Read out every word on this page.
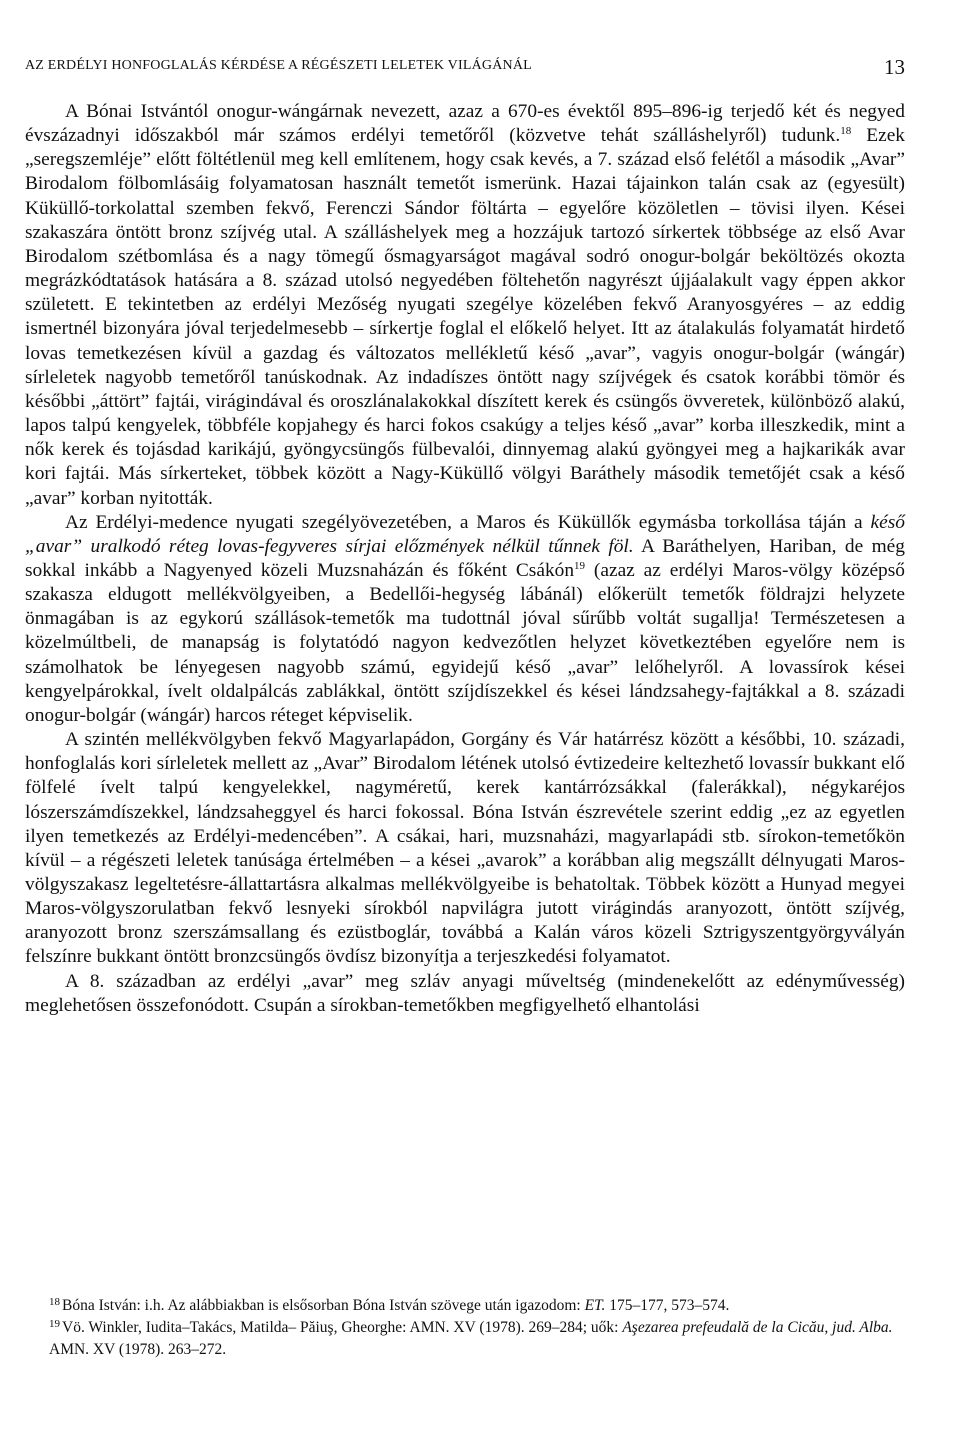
AZ ERDÉLYI HONFOGLALÁS KÉRDÉSE A RÉGÉSZETI LELETEK VILÁGÁNÁL	13

A Bónai Istvántól onogur-wángárnak nevezett, azaz a 670-es évektől 895–896-ig terjedő két és negyed évszázadnyi időszakból már számos erdélyi temetőről (közvetve tehát szálláshelyről) tudunk.$^{18}$ Ezek „seregszemléje” előtt föltétlenül meg kell említenem, hogy csak kevés, a 7. század első felétől a második „Avar” Birodalom fölbomlásáig folyamatosan használt temetőt ismerünk. Hazai tájainkon talán csak az (egyesült) Küküllő-torkolattal szemben fekvő, Ferenczi Sándor föltárta – egyelőre közöletlen – tövisi ilyen. Kései szakaszára öntött bronz szíjvég utal. A szálláshelyek meg a hozzájuk tartozó sírkertek többsége az első Avar Birodalom szétbomlása és a nagy tömegű ősmagyarságot magával sodró onogur-bolgár beköltözés okozta megrázkódtatások hatására a 8. század utolsó negyedében föltehetőn nagyrészt újjáalakult vagy éppen akkor született. E tekintetben az erdélyi Mezőség nyugati szegélye közelében fekvő Aranyosgyéres – az eddig ismertnél bizonyára jóval terjedelmesebb – sírkertje foglal el előkelő helyet. Itt az átalakulás folyamatát hirdető lovas temetkezésen kívül a gazdag és változatos mellékletű késő „avar”, vagyis onogur-bolgár (wángár) sírleletek nagyobb temetőről tanúskodnak. Az indadíszes öntött nagy szíjvégek és csatok korábbi tömör és későbbi „áttört” fajtái, virágindával és oroszlánalakokkal díszített kerek és csüngős övveretek, különböző alakú, lapos talpú kengyelek, többféle kopjahegy és harci fokos csakúgy a teljes késő „avar” korba illeszkedik, mint a nők kerek és tojásdad karikájú, gyöngycsüngős fülbevalói, dinnyemag alakú gyöngyei meg a hajkarikák avar kori fajtái. Más sírkerteket, többek között a Nagy-Küküllő völgyi Baráthely második temetőjét csak a késő „avar” korban nyitották.

Az Erdélyi-medence nyugati szegélyövezetében, a Maros és Küküllők egymásba torkollása táján a késő „avar” uralkodó réteg lovas-fegyveres sírjai előzmények nélkül tűnnek föl. A Baráthelyen, Hariban, de még sokkal inkább a Nagyenyed közeli Muzsnaházán és főként Csákón$^{19}$ (azaz az erdélyi Maros-völgy középső szakasza eldugott mellékvölgyeiben, a Bedellői-hegység lábánál) előkerült temetők földrajzi helyzete önmagában is az egykorú szállások-temetők ma tudottnál jóval sűrűbb voltát sugallja! Természetesen a közelmúltbeli, de manapság is folytatódó nagyon kedvezőtlen helyzet következtében egyelőre nem is számolhatok be lényegesen nagyobb számú, egyidejű késő „avar” lelőhelyről. A lovassírok kései kengyelpárokkal, ívelt oldalpálcás zablákkal, öntött szíjdíszekkel és kései lándzsahegy-fajtákkal a 8. századi onogur-bolgár (wángár) harcos réteget képviselik.

A szintén mellékvölgyben fekvő Magyarlapádon, Gorgány és Vár határrész között a későbbi, 10. századi, honfoglalás kori sírleletek mellett az „Avar” Birodalom létének utolsó évtizedeire keltezhető lovassír bukkant elő fölfelé ívelt talpú kengyelekkel, nagyméretű, kerek kantárrózsákkal (falerákkal), négykaréjos lószerszámdíszekkel, lándzsaheggyel és harci fokossal. Bóna István észrevétele szerint eddig „ez az egyetlen ilyen temetkezés az Erdélyi-medencében”. A csákai, hari, muzsnaházi, magyarlapádi stb. sírokon-temetőkön kívül – a régészeti leletek tanúsága értelmében – a kései „avarok” a korábban alig megszállt délnyugati Maros-völgyszakasz legeltetésre-állattartásra alkalmas mellékvölgyeibe is behatoltak. Többek között a Hunyad megyei Maros-völgyszorulatban fekvő lesnyeki sírokból napvilágra jutott virágindás aranyozott, öntött szíjvég, aranyozott bronz szerszámsallang és ezüstboglár, továbbá a Kalán város közeli Sztrigyszentgyörgyvályán felszínre bukkant öntött bronzcsüngős övdísz bizonyítja a terjeszkedési folyamatot.

A 8. században az erdélyi „avar” meg szláv anyagi műveltség (mindenekelőtt az edényművesség) meglehetősen összefonódott. Csupán a sírokban-temetőkben megfigyelhető elhantolási

$^{18}$ Bóna István: i.h. Az alábbiakban is elsősorban Bóna István szövege után igazodom: ET. 175–177, 573–574.

$^{19}$ Vö. Winkler, Iudita–Takács, Matilda– Păiuş, Gheorghe: AMN. XV (1978). 269–284; uők: Aşezarea prefeudală de la Cicău, jud. Alba. AMN. XV (1978). 263–272.
